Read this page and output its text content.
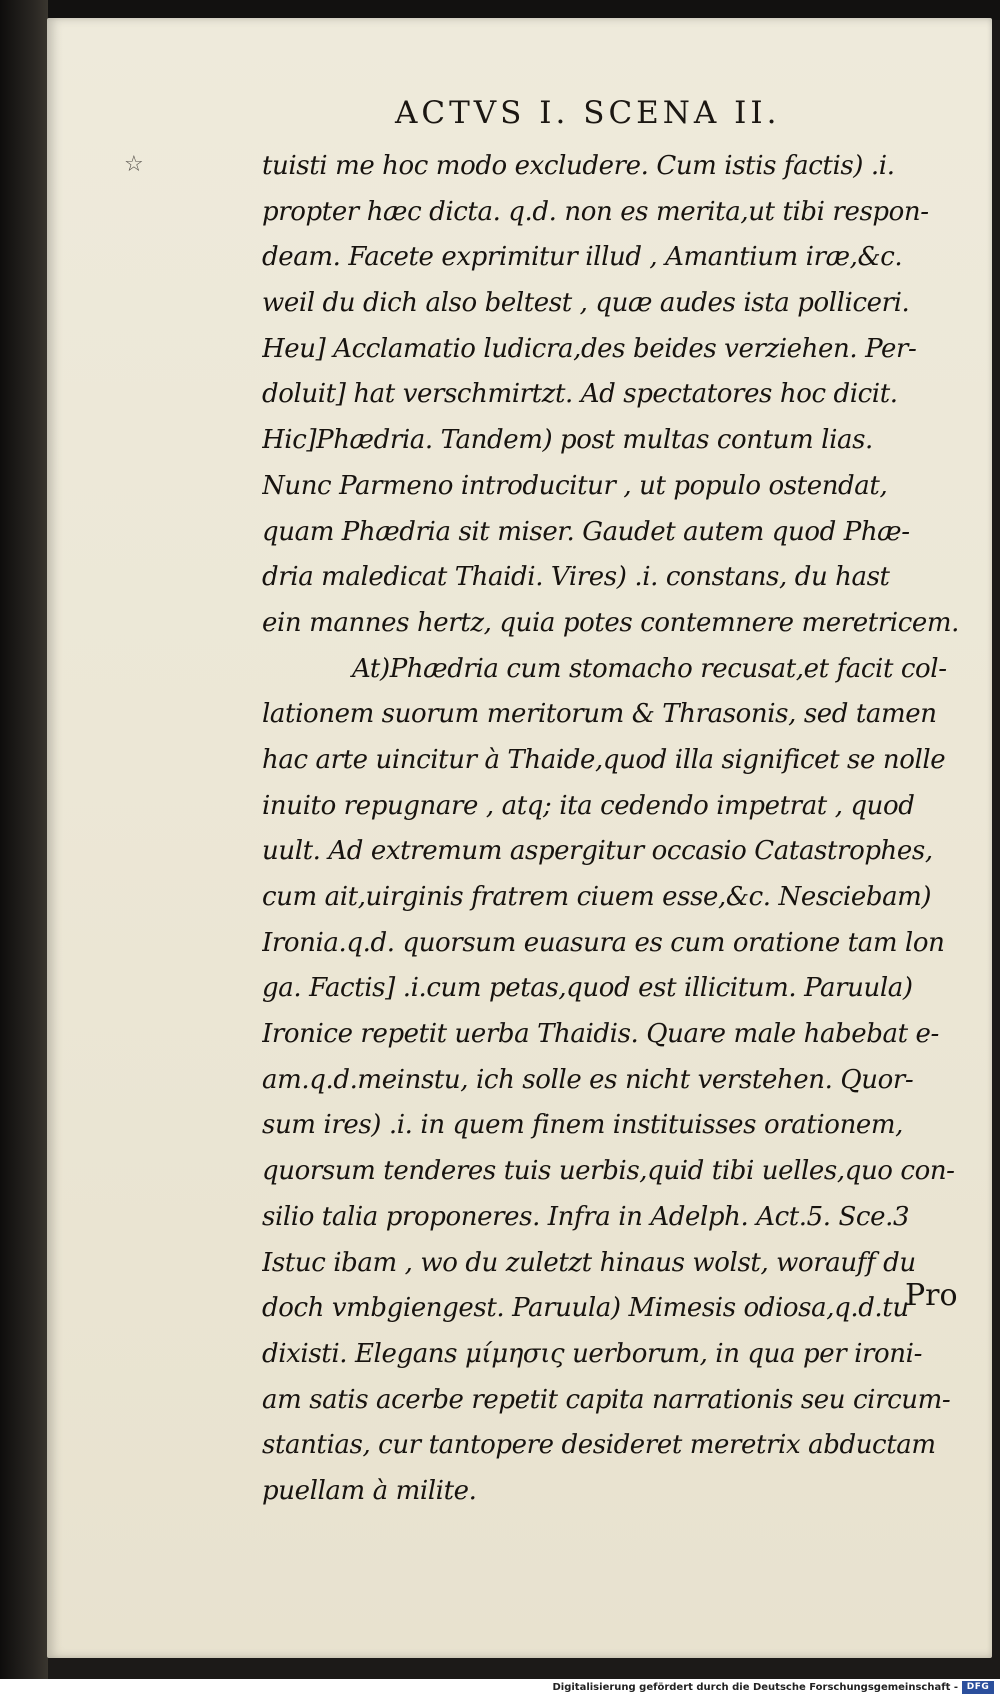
ACTVS I. SCENA II.
☆	tuisti me hoc modo excludere. Cum istis factis) .i.
propter hæc dicta. q.d. non es merita,ut tibi respon-
deam. Facete exprimitur illud , Amantium iræ,&c.
weil du dich also beltest , quæ audes ista polliceri.
Heu] Acclamatio ludicra,des beides verziehen. Per-
doluit] hat verschmirtzt. Ad spectatores hoc dicit.
Hic]Phædria. Tandem) post multas contum lias.
Nunc Parmeno introducitur , ut populo ostendat,
quam Phædria sit miser. Gaudet autem quod Phæ-
dria maledicat Thaidi. Vires) .i. constans, du hast
ein mannes hertz, quia potes contemnere meretricem.
At)Phædria cum stomacho recusat,et facit col-
lationem suorum meritorum & Thrasonis, sed tamen
hac arte uincitur à Thaide,quod illa significet se nolle
inuito repugnare , atq; ita cedendo impetrat , quod
uult. Ad extremum aspergitur occasio Catastrophes,
cum ait,uirginis fratrem ciuem esse,&c. Nesciebam)
Ironia.q.d. quorsum euasura es cum oratione tam lon
ga. Factis] .i.cum petas,quod est illicitum. Paruula)
Ironice repetit uerba Thaidis. Quare male habebat e-
am.q.d.meinstu, ich solle es nicht verstehen. Quor-
sum ires) .i. in quem finem instituisses orationem,
quorsum tenderes tuis uerbis,quid tibi uelles,quo con-
silio talia proponeres. Infra in Adelph. Act.5. Sce.3
Istuc ibam , wo du zuletzt hinaus wolst, worauff du
doch vmbgiengest. Paruula) Mimesis odiosa,q.d.tu
dixisti. Elegans μίμησις uerborum, in qua per ironi-
am satis acerbe repetit capita narrationis seu circum-
stantias, cur tantopere desideret meretrix abductam
puellam à milite.
Pro
Digitalisierung gefördert durch die Deutsche Forschungsgemeinschaft - DFG
